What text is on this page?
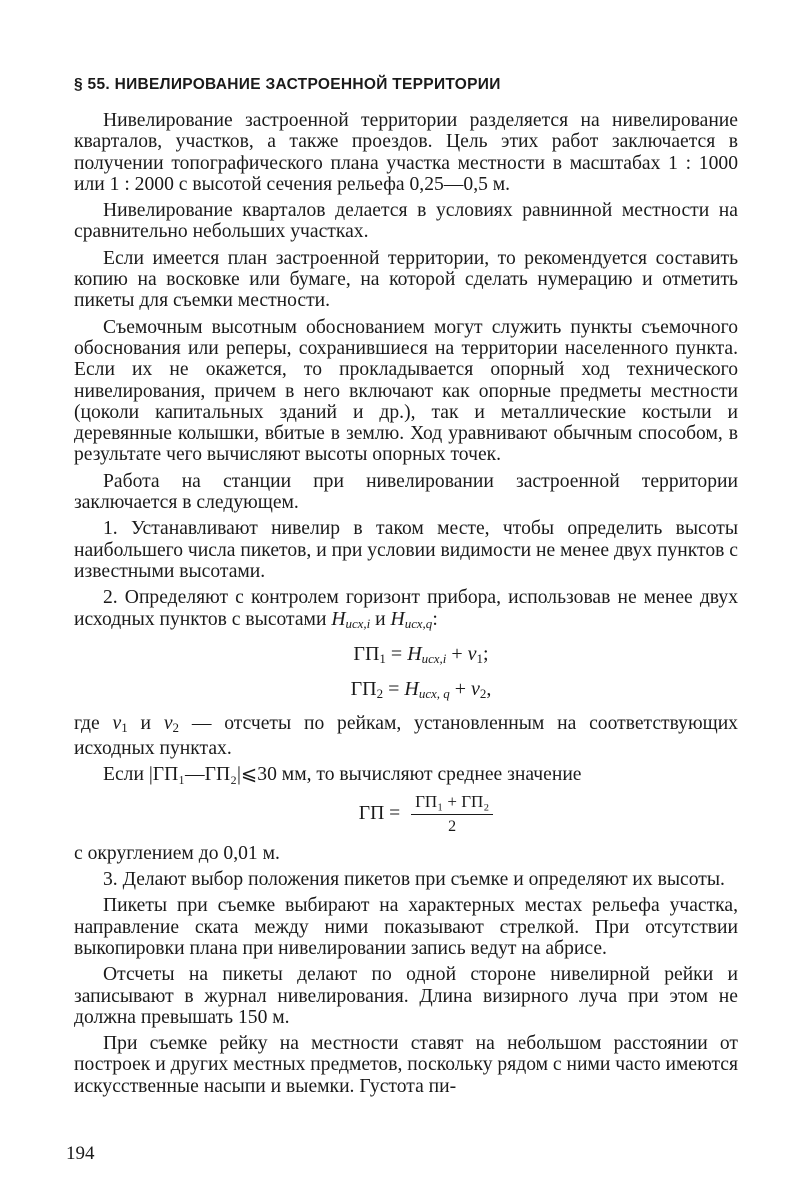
§ 55. НИВЕЛИРОВАНИЕ ЗАСТРОЕННОЙ ТЕРРИТОРИИ

Нивелирование застроенной территории разделяется на нивелирование кварталов, участков, а также проездов. Цель этих работ заключается в получении топографического плана участка местности в масштабах 1 : 1000 или 1 : 2000 с высотой сечения рельефа 0,25—0,5 м.

Нивелирование кварталов делается в условиях равнинной местности на сравнительно небольших участках.

Если имеется план застроенной территории, то рекомендуется составить копию на восковке или бумаге, на которой сделать нумерацию и отметить пикеты для съемки местности.

Съемочным высотным обоснованием могут служить пункты съемочного обоснования или реперы, сохранившиеся на территории населенного пункта. Если их не окажется, то прокладывается опорный ход технического нивелирования, причем в него включают как опорные предметы местности (цоколи капитальных зданий и др.), так и металлические костыли и деревянные колышки, вбитые в землю. Ход уравнивают обычным способом, в результате чего вычисляют высоты опорных точек.

Работа на станции при нивелировании застроенной территории заключается в следующем.

1. Устанавливают нивелир в таком месте, чтобы определить высоты наибольшего числа пикетов, и при условии видимости не менее двух пунктов с известными высотами.

2. Определяют с контролем горизонт прибора, использовав не менее двух исходных пунктов с высотами $H_{исх,i}$ и $H_{исх,q}$:

$ГП_1 = H_{исх,i} + v_1$;
$ГП_2 = H_{исх, q} + v_2$,

где $v_1$ и $v_2$ — отсчеты по рейкам, установленным на соответствующих исходных пунктах.

Если |ГП₁—ГП₂|⩽30 мм, то вычисляют среднее значение

ГП = $\frac{\text{ГП₁ + ГП₂}}{2}$

с округлением до 0,01 м.

3. Делают выбор положения пикетов при съемке и определяют их высоты.

Пикеты при съемке выбирают на характерных местах рельефа участка, направление ската между ними показывают стрелкой. При отсутствии выкопировки плана при нивелировании запись ведут на абрисе.

Отсчеты на пикеты делают по одной стороне нивелирной рейки и записывают в журнал нивелирования. Длина визирного луча при этом не должна превышать 150 м.

При съемке рейку на местности ставят на небольшом расстоянии от построек и других местных предметов, поскольку рядом с ними часто имеются искусственные насыпи и выемки. Густота пи-

194
